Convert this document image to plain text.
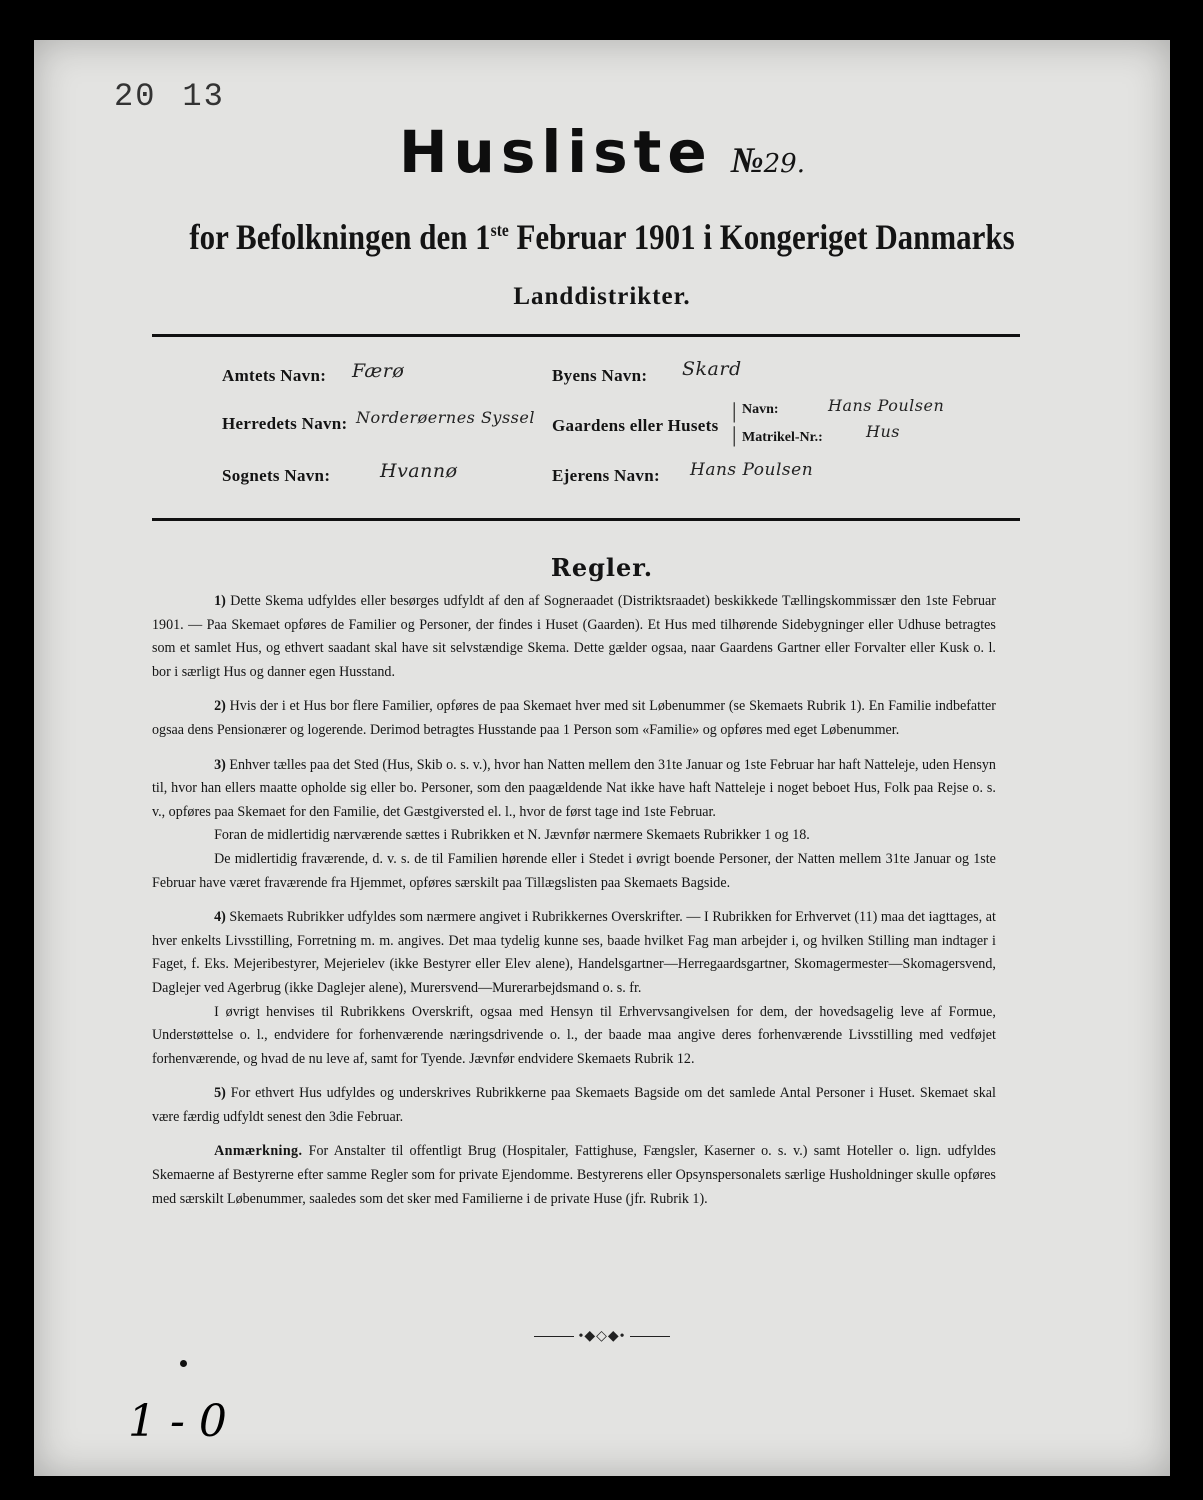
20 13
Husliste №29.
for Befolkningen den 1ste Februar 1901 i Kongeriget Danmarks
Landdistrikter.
Amtets Navn: Færø
Herredets Navn: Norderøernes Syssel
Sognets Navn:	Hvannø
Byens Navn: Skard
Gaardens eller Husets
|
|
Navn:	Hans Poulsen
Matrikel-Nr.:	Hus
Ejerens Navn: Hans Poulsen
Regler.

1) Dette Skema udfyldes eller besørges udfyldt af den af Sogneraadet (Distriktsraadet) beskikkede Tællingskommissær den 1ste Februar 1901. — Paa Skemaet opføres de Familier og Personer, der findes i Huset (Gaarden). Et Hus med tilhørende Sidebygninger eller Udhuse betragtes som et samlet Hus, og ethvert saadant skal have sit selvstændige Skema. Dette gælder ogsaa, naar Gaardens Gartner eller Forvalter eller Kusk o. l. bor i særligt Hus og danner egen Husstand.

2) Hvis der i et Hus bor flere Familier, opføres de paa Skemaet hver med sit Løbenummer (se Skemaets Rubrik 1). En Familie indbefatter ogsaa dens Pensionærer og logerende. Derimod betragtes Husstande paa 1 Person som «Familie» og opføres med eget Løbenummer.

3) Enhver tælles paa det Sted (Hus, Skib o. s. v.), hvor han Natten mellem den 31te Januar og 1ste Februar har haft Natteleje, uden Hensyn til, hvor han ellers maatte opholde sig eller bo. Personer, som den paagældende Nat ikke have haft Natteleje i noget beboet Hus, Folk paa Rejse o. s. v., opføres paa Skemaet for den Familie, det Gæstgiversted el. l., hvor de først tage ind 1ste Februar.

Foran de midlertidig nærværende sættes i Rubrikken et N. Jævnfør nærmere Skemaets Rubrikker 1 og 18.

De midlertidig fraværende, d. v. s. de til Familien hørende eller i Stedet i øvrigt boende Personer, der Natten mellem 31te Januar og 1ste Februar have været fraværende fra Hjemmet, opføres særskilt paa Tillægslisten paa Skemaets Bagside.

4) Skemaets Rubrikker udfyldes som nærmere angivet i Rubrikkernes Overskrifter. — I Rubrikken for Erhvervet (11) maa det iagttages, at hver enkelts Livsstilling, Forretning m. m. angives. Det maa tydelig kunne ses, baade hvilket Fag man arbejder i, og hvilken Stilling man indtager i Faget, f. Eks. Mejeribestyrer, Mejerielev (ikke Bestyrer eller Elev alene), Handelsgartner—Herregaardsgartner, Skomagermester—Skomagersvend, Daglejer ved Agerbrug (ikke Daglejer alene), Murersvend—Murerarbejdsmand o. s. fr.

I øvrigt henvises til Rubrikkens Overskrift, ogsaa med Hensyn til Erhvervsangivelsen for dem, der hovedsagelig leve af Formue, Understøttelse o. l., endvidere for forhenværende næringsdrivende o. l., der baade maa angive deres forhenværende Livsstilling med vedføjet forhenværende, og hvad de nu leve af, samt for Tyende. Jævnfør endvidere Skemaets Rubrik 12.

5) For ethvert Hus udfyldes og underskrives Rubrikkerne paa Skemaets Bagside om det samlede Antal Personer i Huset. Skemaet skal være færdig udfyldt senest den 3die Februar.

Anmærkning. For Anstalter til offentligt Brug (Hospitaler, Fattighuse, Fængsler, Kaserner o. s. v.) samt Hoteller o. lign. udfyldes Skemaerne af Bestyrerne efter samme Regler som for private Ejendomme. Bestyrerens eller Opsynspersonalets særlige Husholdninger skulle opføres med særskilt Løbenummer, saaledes som det sker med Familierne i de private Huse (jfr. Rubrik 1).

•◆◇◆•
1 - 0
